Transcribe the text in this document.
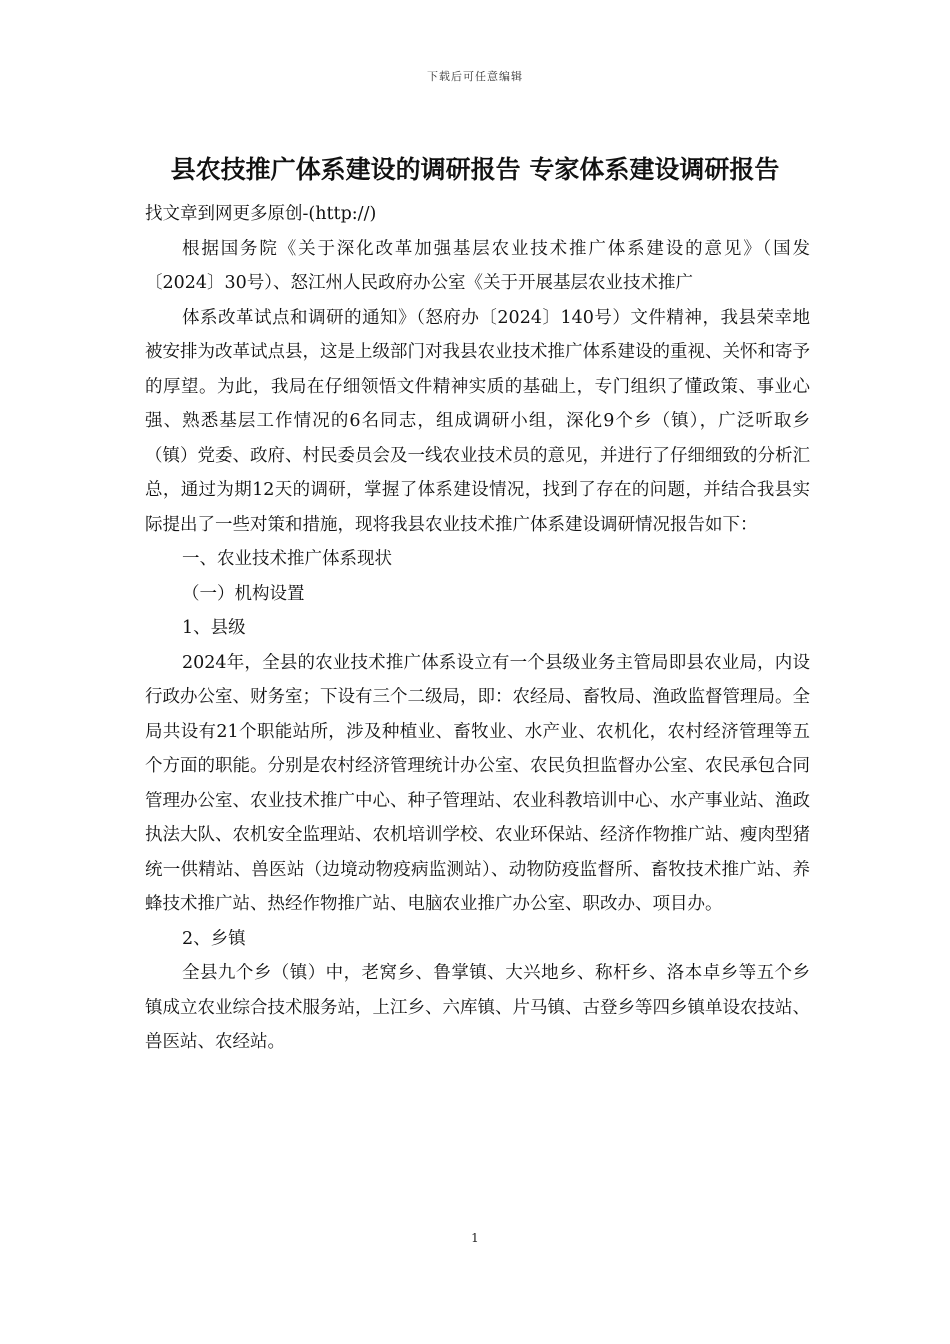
下载后可任意编辑
县农技推广体系建设的调研报告 专家体系建设调研报告

找文章到网更多原创-(http://)

根据国务院《关于深化改革加强基层农业技术推广体系建设的意见》（国发〔2024〕30号）、怒江州人民政府办公室《关于开展基层农业技术推广

体系改革试点和调研的通知》（怒府办〔2024〕140号）文件精神，我县荣幸地被安排为改革试点县，这是上级部门对我县农业技术推广体系建设的重视、关怀和寄予的厚望。为此，我局在仔细领悟文件精神实质的基础上，专门组织了懂政策、事业心强、熟悉基层工作情况的6名同志，组成调研小组，深化9个乡（镇），广泛听取乡（镇）党委、政府、村民委员会及一线农业技术员的意见，并进行了仔细细致的分析汇总，通过为期12天的调研，掌握了体系建设情况，找到了存在的问题，并结合我县实际提出了一些对策和措施，现将我县农业技术推广体系建设调研情况报告如下：

一、农业技术推广体系现状

（一）机构设置

1、县级

2024年，全县的农业技术推广体系设立有一个县级业务主管局即县农业局，内设行政办公室、财务室；下设有三个二级局，即：农经局、畜牧局、渔政监督管理局。全局共设有21个职能站所，涉及种植业、畜牧业、水产业、农机化，农村经济管理等五个方面的职能。分别是农村经济管理统计办公室、农民负担监督办公室、农民承包合同管理办公室、农业技术推广中心、种子管理站、农业科教培训中心、水产事业站、渔政执法大队、农机安全监理站、农机培训学校、农业环保站、经济作物推广站、瘦肉型猪统一供精站、兽医站（边境动物疫病监测站）、动物防疫监督所、畜牧技术推广站、养蜂技术推广站、热经作物推广站、电脑农业推广办公室、职改办、项目办。

2、乡镇

全县九个乡（镇）中，老窝乡、鲁掌镇、大兴地乡、称杆乡、洛本卓乡等五个乡镇成立农业综合技术服务站，上江乡、六库镇、片马镇、古登乡等四乡镇单设农技站、兽医站、农经站。

1
